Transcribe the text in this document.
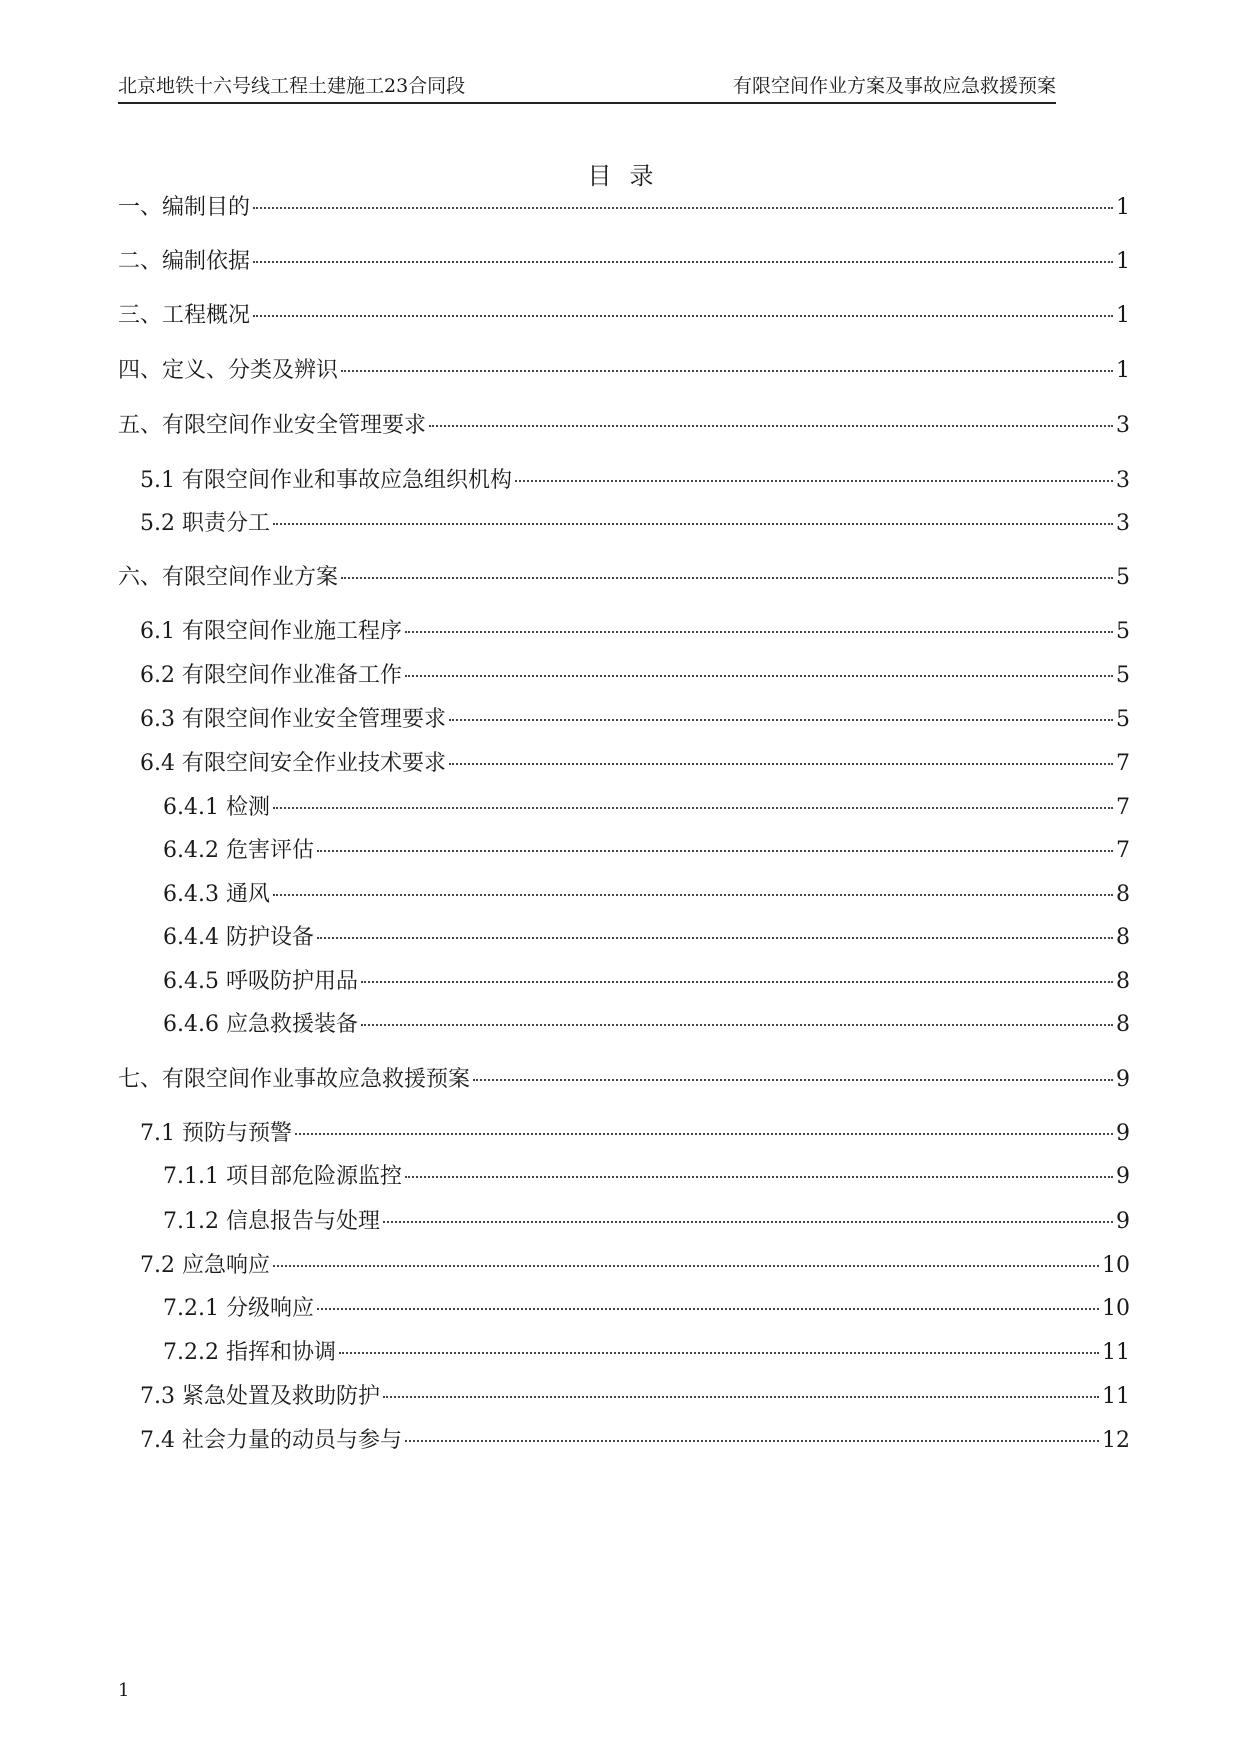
北京地铁十六号线工程土建施工23合同段	有限空间作业方案及事故应急救援预案
目录
一、编制目的	1
二、编制依据	1
三、工程概况	1
四、定义、分类及辨识	1
五、有限空间作业安全管理要求	3
5.1 有限空间作业和事故应急组织机构	3
5.2 职责分工	3
六、有限空间作业方案	5
6.1 有限空间作业施工程序	5
6.2 有限空间作业准备工作	5
6.3 有限空间作业安全管理要求	5
6.4 有限空间安全作业技术要求	7
6.4.1 检测	7
6.4.2 危害评估	7
6.4.3 通风	8
6.4.4 防护设备	8
6.4.5 呼吸防护用品	8
6.4.6 应急救援装备	8
七、有限空间作业事故应急救援预案	9
7.1 预防与预警	9
7.1.1 项目部危险源监控	9
7.1.2 信息报告与处理	9
7.2 应急响应	10
7.2.1 分级响应	10
7.2.2 指挥和协调	11
7.3 紧急处置及救助防护	11
7.4 社会力量的动员与参与	12
1
